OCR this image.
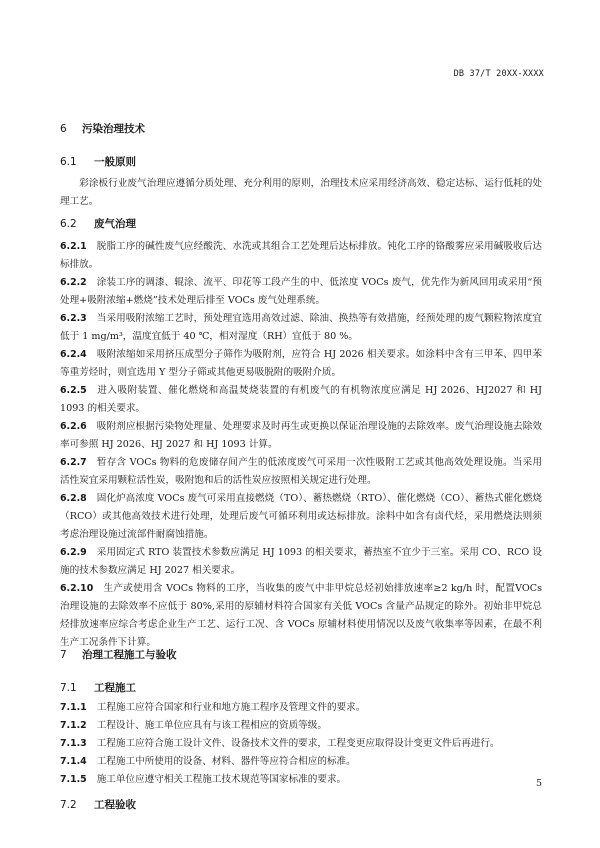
DB 37/T 20XX-XXXX
6 污染治理技术
6.1 一般原则
彩涂板行业废气治理应遵循分质处理、充分利用的原则，治理技术应采用经济高效、稳定达标、运行低耗的处理工艺。
6.2 废气治理
6.2.1 脱脂工序的碱性废气应经酸洗、水洗或其组合工艺处理后达标排放。钝化工序的铬酸雾应采用碱吸收后达标排放。
6.2.2 涂装工序的调漆、辊涂、流平、印花等工段产生的中、低浓度 VOCs 废气，优先作为新风回用或采用“预处理+吸附浓缩+燃烧”技术处理后排至 VOCs 废气处理系统。
6.2.3 当采用吸附浓缩工艺时，预处理宜选用高效过滤、除油、换热等有效措施，经预处理的废气颗粒物浓度宜低于 1 mg/m³，温度宜低于 40 ℃，相对湿度（RH）宜低于 80 %。
6.2.4 吸附浓缩如采用挤压成型分子筛作为吸附剂，应符合 HJ 2026 相关要求。如涂料中含有三甲苯、四甲苯等重芳烃时，则宜选用 Y 型分子筛或其他更易吸脱附的吸附介质。
6.2.5 进入吸附装置、催化燃烧和高温焚烧装置的有机废气的有机物浓度应满足 HJ 2026、HJ2027 和 HJ 1093 的相关要求。
6.2.6 吸附剂应根据污染物处理量、处理要求及时再生或更换以保证治理设施的去除效率。废气治理设施去除效率可参照 HJ 2026、HJ 2027 和 HJ 1093 计算。
6.2.7 暂存含 VOCs 物料的危废储存间产生的低浓度废气可采用一次性吸附工艺或其他高效处理设施。当采用活性炭宜采用颗粒活性炭，吸附饱和后的活性炭应按照相关规定进行处理。
6.2.8 固化炉高浓度 VOCs 废气可采用直接燃烧（TO）、蓄热燃烧（RTO）、催化燃烧（CO）、蓄热式催化燃烧（RCO）或其他高效技术进行处理，处理后废气可循环利用或达标排放。涂料中如含有卤代烃，采用燃烧法则须考虑治理设施过流部件耐腐蚀措施。
6.2.9 采用固定式 RTO 装置技术参数应满足 HJ 1093 的相关要求，蓄热室不宜少于三室。采用 CO、RCO 设施的技术参数应满足 HJ 2027 相关要求。
6.2.10 生产或使用含 VOCs 物料的工序，当收集的废气中非甲烷总烃初始排放速率≥2 kg/h 时，配置VOCs 治理设施的去除效率不应低于 80%,采用的原辅材料符合国家有关低 VOCs 含量产品规定的除外。初始非甲烷总烃排放速率应综合考虑企业生产工艺、运行工况、含 VOCs 原辅材料使用情况以及废气收集率等因素，在最不利生产工况条件下计算。
7 治理工程施工与验收
7.1 工程施工
7.1.1 工程施工应符合国家和行业和地方施工程序及管理文件的要求。
7.1.2 工程设计、施工单位应具有与该工程相应的资质等级。
7.1.3 工程施工应符合施工设计文件、设备技术文件的要求，工程变更应取得设计变更文件后再进行。
7.1.4 工程施工中所使用的设备、材料、器件等应符合相应的标准。
7.1.5 施工单位应遵守相关工程施工技术规范等国家标准的要求。
7.2 工程验收
5
